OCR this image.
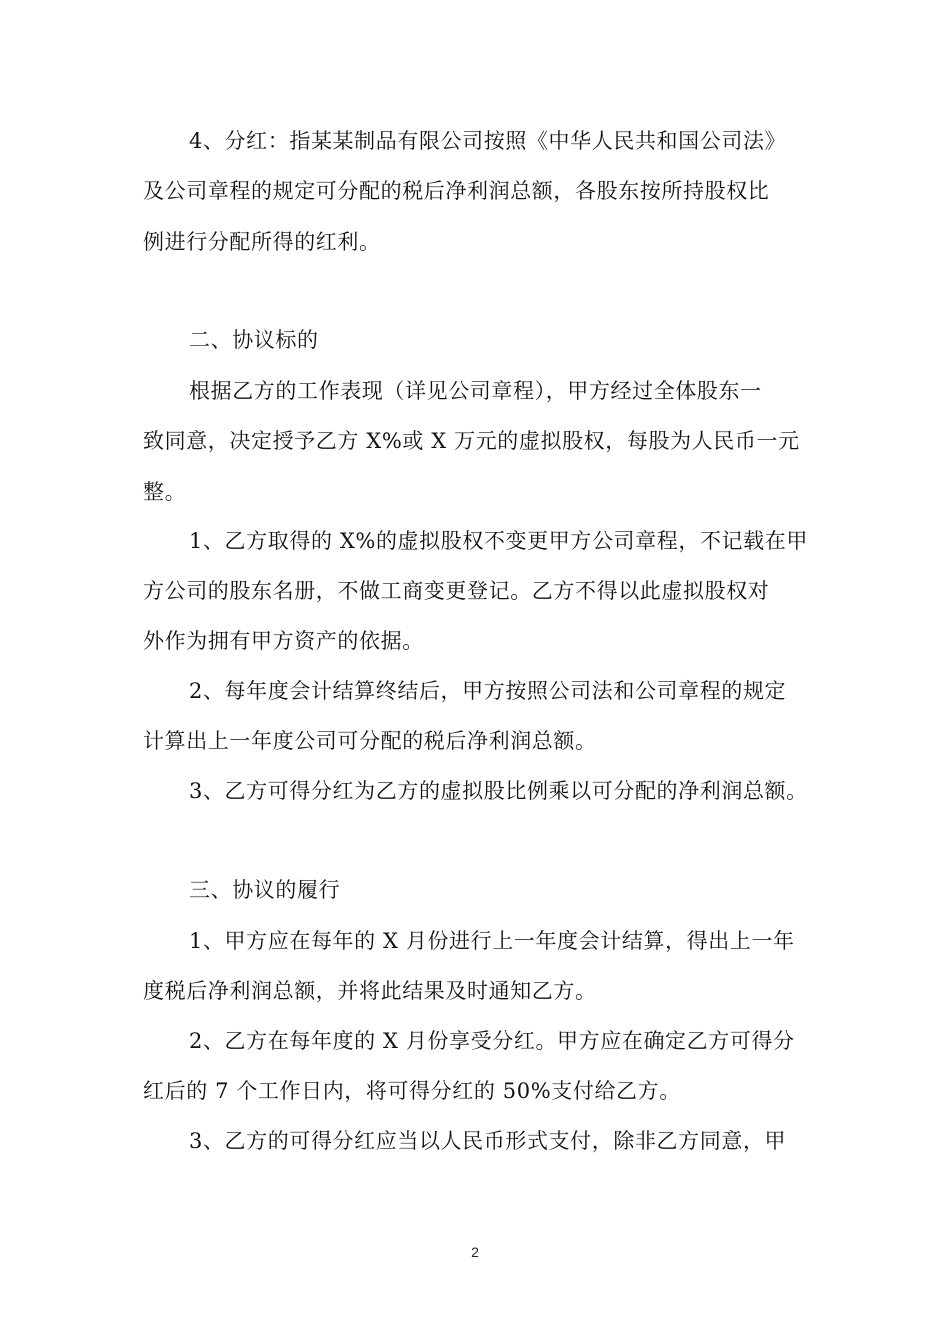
4、分红：指某某制品有限公司按照《中华人民共和国公司法》
及公司章程的规定可分配的税后净利润总额，各股东按所持股权比
例进行分配所得的红利。
二、协议标的
根据乙方的工作表现（详见公司章程），甲方经过全体股东一
致同意，决定授予乙方 X%或 X 万元的虚拟股权，每股为人民币一元
整。
1、乙方取得的 X%的虚拟股权不变更甲方公司章程，不记载在甲
方公司的股东名册，不做工商变更登记。乙方不得以此虚拟股权对
外作为拥有甲方资产的依据。
2、每年度会计结算终结后，甲方按照公司法和公司章程的规定
计算出上一年度公司可分配的税后净利润总额。
3、乙方可得分红为乙方的虚拟股比例乘以可分配的净利润总额。
三、协议的履行
1、甲方应在每年的 X 月份进行上一年度会计结算，得出上一年
度税后净利润总额，并将此结果及时通知乙方。
2、乙方在每年度的 X 月份享受分红。甲方应在确定乙方可得分
红后的 7 个工作日内，将可得分红的 50%支付给乙方。
3、乙方的可得分红应当以人民币形式支付，除非乙方同意，甲
2
